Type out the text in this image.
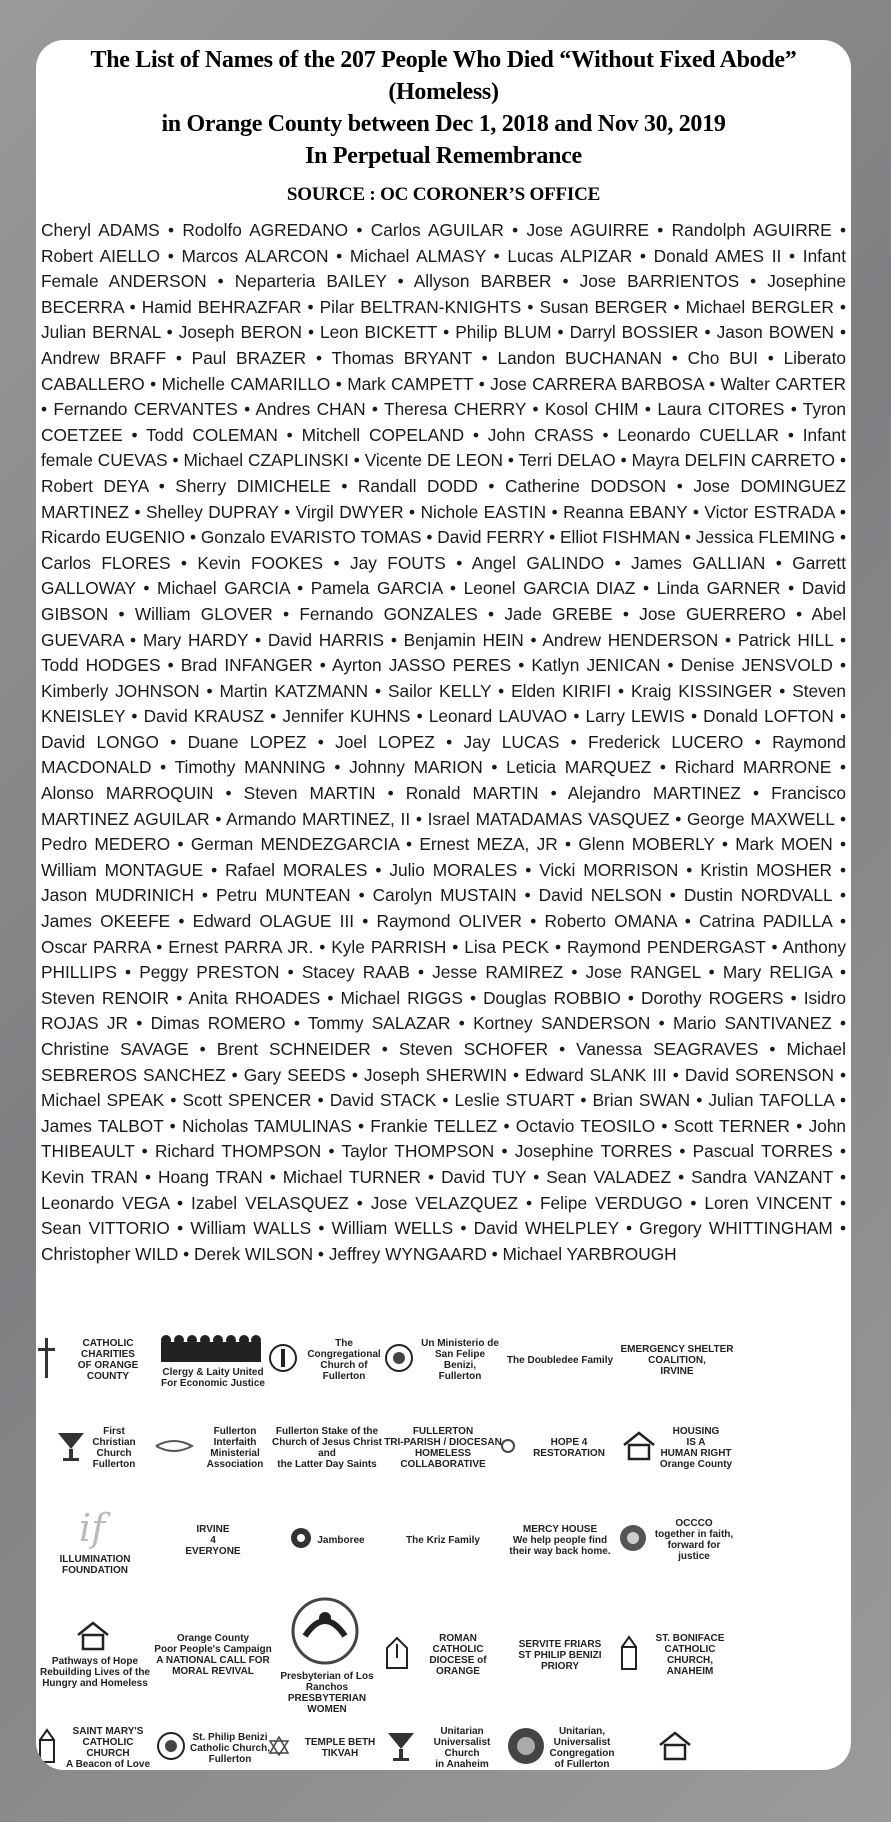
The List of Names of the 207 People Who Died “Without Fixed Abode” (Homeless)
in Orange County between Dec 1, 2018 and Nov 30, 2019
In Perpetual Remembrance
SOURCE : OC CORONER’S OFFICE
Cheryl ADAMS • Rodolfo AGREDANO • Carlos AGUILAR • Jose AGUIRRE • Randolph AGUIRRE • Robert AIELLO • Marcos ALARCON • Michael ALMASY • Lucas ALPIZAR • Donald AMES II • Infant Female ANDERSON • Neparteria BAILEY • Allyson BARBER • Jose BARRIENTOS • Josephine BECERRA • Hamid BEHRAZFAR • Pilar BELTRAN-KNIGHTS • Susan BERGER • Michael BERGLER • Julian BERNAL • Joseph BERON • Leon BICKETT • Philip BLUM • Darryl BOSSIER • Jason BOWEN • Andrew BRAFF • Paul BRAZER • Thomas BRYANT • Landon BUCHANAN • Cho BUI • Liberato CABALLERO • Michelle CAMARILLO • Mark CAMPETT • Jose CARRERA BARBOSA • Walter CARTER • Fernando CERVANTES • Andres CHAN • Theresa CHERRY • Kosol CHIM • Laura CITORES • Tyron COETZEE • Todd COLEMAN • Mitchell COPELAND • John CRASS • Leonardo CUELLAR • Infant female CUEVAS • Michael CZAPLINSKI • Vicente DE LEON • Terri DELAO • Mayra DELFIN CARRETO • Robert DEYA • Sherry DIMICHELE • Randall DODD • Catherine DODSON • Jose DOMINGUEZ MARTINEZ • Shelley DUPRAY • Virgil DWYER • Nichole EASTIN • Reanna EBANY • Victor ESTRADA • Ricardo EUGENIO • Gonzalo EVARISTO TOMAS • David FERRY • Elliot FISHMAN • Jessica FLEMING • Carlos FLORES • Kevin FOOKES • Jay FOUTS • Angel GALINDO • James GALLIAN • Garrett GALLOWAY • Michael GARCIA • Pamela GARCIA • Leonel GARCIA DIAZ • Linda GARNER • David GIBSON • William GLOVER • Fernando GONZALES • Jade GREBE • Jose GUERRERO • Abel GUEVARA • Mary HARDY • David HARRIS • Benjamin HEIN • Andrew HENDERSON • Patrick HILL • Todd HODGES • Brad INFANGER • Ayrton JASSO PERES • Katlyn JENICAN • Denise JENSVOLD • Kimberly JOHNSON • Martin KATZMANN • Sailor KELLY • Elden KIRIFI • Kraig KISSINGER • Steven KNEISLEY • David KRAUSZ • Jennifer KUHNS • Leonard LAUVAO • Larry LEWIS • Donald LOFTON • David LONGO • Duane LOPEZ • Joel LOPEZ • Jay LUCAS • Frederick LUCERO • Raymond MACDONALD • Timothy MANNING • Johnny MARION • Leticia MARQUEZ • Richard MARRONE • Alonso MARROQUIN • Steven MARTIN • Ronald MARTIN • Alejandro MARTINEZ • Francisco MARTINEZ AGUILAR • Armando MARTINEZ, II • Israel MATADAMAS VASQUEZ • George MAXWELL • Pedro MEDERO • German MENDEZGARCIA • Ernest MEZA, JR • Glenn MOBERLY • Mark MOEN • William MONTAGUE • Rafael MORALES • Julio MORALES • Vicki MORRISON • Kristin MOSHER • Jason MUDRINICH • Petru MUNTEAN • Carolyn MUSTAIN • David NELSON • Dustin NORDVALL • James OKEEFE • Edward OLAGUE III • Raymond OLIVER • Roberto OMANA • Catrina PADILLA • Oscar PARRA • Ernest PARRA JR. • Kyle PARRISH • Lisa PECK • Raymond PENDERGAST • Anthony PHILLIPS • Peggy PRESTON • Stacey RAAB • Jesse RAMIREZ • Jose RANGEL • Mary RELIGA • Steven RENOIR • Anita RHOADES • Michael RIGGS • Douglas ROBBIO • Dorothy ROGERS • Isidro ROJAS JR • Dimas ROMERO • Tommy SALAZAR • Kortney SANDERSON • Mario SANTIVANEZ • Christine SAVAGE • Brent SCHNEIDER • Steven SCHOFER • Vanessa SEAGRAVES • Michael SEBREROS SANCHEZ • Gary SEEDS • Joseph SHERWIN • Edward SLANK III • David SORENSON • Michael SPEAK • Scott SPENCER • David STACK • Leslie STUART • Brian SWAN • Julian TAFOLLA • James TALBOT • Nicholas TAMULINAS • Frankie TELLEZ • Octavio TEOSILO • Scott TERNER • John THIBEAULT • Richard THOMPSON • Taylor THOMPSON • Josephine TORRES • Pascual TORRES • Kevin TRAN • Hoang TRAN • Michael TURNER • David TUY • Sean VALADEZ • Sandra VANZANT • Leonardo VEGA • Izabel VELASQUEZ • Jose VELAZQUEZ • Felipe VERDUGO • Loren VINCENT • Sean VITTORIO • William WALLS • William WELLS • David WHELPLEY • Gregory WHITTINGHAM • Christopher WILD • Derek WILSON • Jeffrey WYNGAARD • Michael YARBROUGH
CATHOLIC
CHARITIES
OF ORANGE COUNTY	Clergy & Laity United
For Economic Justice
The Congregational
Church of Fullerton
Un Ministerio de
San Felipe Benizi,
Fullerton
The Doubledee Family
EMERGENCY SHELTER
COALITION,
IRVINE
First
Christian
Church
Fullerton
Fullerton Interfaith
Ministerial Association
Fullerton Stake of the
Church of Jesus Christ
and
the Latter Day Saints
FULLERTON
TRI-PARISH / DIOCESAN
HOMELESS COLLABORATIVE
HOPE 4 RESTORATION
HOUSING
IS A
HUMAN RIGHT
Orange County
if
ILLUMINATION
FOUNDATION
IRVINE
4
EVERYONE
Jamboree	The Kriz Family
MERCY HOUSE
We help people find their way back home.
OCCCO
together in faith, forward for justice
Pathways of Hope
Rebuilding Lives of the Hungry and Homeless
Orange County
Poor People's Campaign
A NATIONAL CALL FOR MORAL REVIVAL	Presbyterian of Los Ranchos
PRESBYTERIAN
WOMEN
ROMAN CATHOLIC
DIOCESE of ORANGE
SERVITE FRIARS
ST PHILIP BENIZI PRIORY
ST. BONIFACE
CATHOLIC CHURCH,
ANAHEIM
SAINT MARY'S
CATHOLIC CHURCH
A Beacon of Love
St. Philip Benizi
Catholic Church,
Fullerton
TEMPLE BETH TIKVAH
Unitarian Universalist Church
in Anaheim
Unitarian,
Universalist
Congregation
of Fullerton
